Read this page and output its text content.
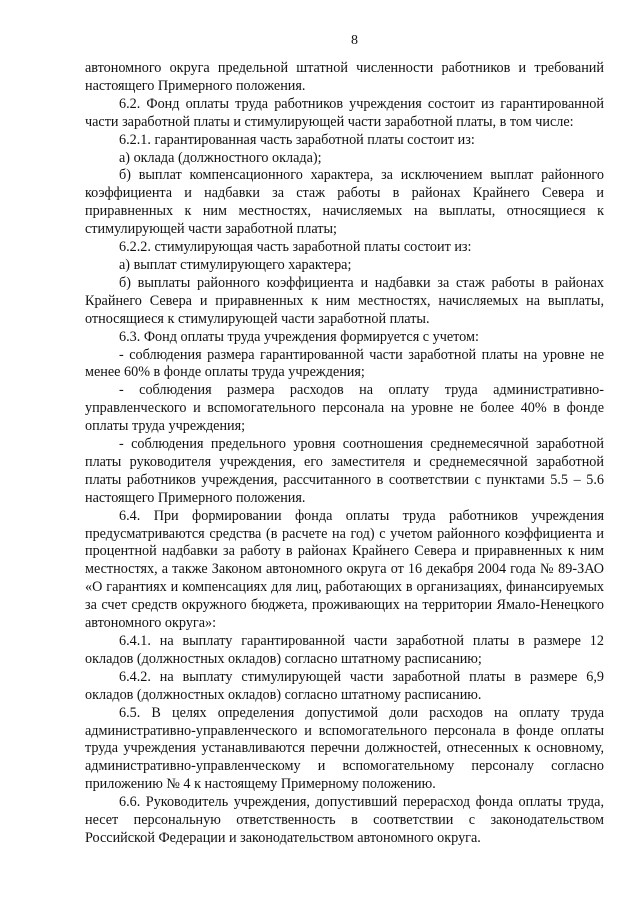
8

автономного округа предельной штатной численности работников и требований настоящего Примерного положения.

6.2. Фонд оплаты труда работников учреждения состоит из гарантированной части заработной платы и стимулирующей части заработной платы, в том числе:

6.2.1. гарантированная часть заработной платы состоит из:

а) оклада (должностного оклада);

б) выплат компенсационного характера, за исключением выплат районного коэффициента и надбавки за стаж работы в районах Крайнего Севера и приравненных к ним местностях, начисляемых на выплаты, относящиеся к стимулирующей части заработной платы;

6.2.2. стимулирующая часть заработной платы состоит из:

а) выплат стимулирующего характера;

б) выплаты районного коэффициента и надбавки за стаж работы в районах Крайнего Севера и приравненных к ним местностях, начисляемых на выплаты, относящиеся к стимулирующей части заработной платы.

6.3. Фонд оплаты труда учреждения формируется с учетом:

- соблюдения размера гарантированной части заработной платы на уровне не менее 60% в фонде оплаты труда учреждения;

- соблюдения размера расходов на оплату труда административно-управленческого и вспомогательного персонала на уровне не более 40% в фонде оплаты труда учреждения;

- соблюдения предельного уровня соотношения среднемесячной заработной платы руководителя учреждения, его заместителя и среднемесячной заработной платы работников учреждения, рассчитанного в соответствии с пунктами 5.5 – 5.6 настоящего Примерного положения.

6.4. При формировании фонда оплаты труда работников учреждения предусматриваются средства (в расчете на год) с учетом районного коэффициента и процентной надбавки за работу в районах Крайнего Севера и приравненных к ним местностях, а также Законом автономного округа от 16 декабря 2004 года № 89-ЗАО «О гарантиях и компенсациях для лиц, работающих в организациях, финансируемых за счет средств окружного бюджета, проживающих на территории Ямало-Ненецкого автономного округа»:

6.4.1. на выплату гарантированной части заработной платы в размере 12 окладов (должностных окладов) согласно штатному расписанию;

6.4.2. на выплату стимулирующей части заработной платы в размере 6,9 окладов (должностных окладов) согласно штатному расписанию.

6.5. В целях определения допустимой доли расходов на оплату труда административно-управленческого и вспомогательного персонала в фонде оплаты труда учреждения устанавливаются перечни должностей, отнесенных к основному, административно-управленческому и вспомогательному персоналу согласно приложению № 4 к настоящему Примерному положению.

6.6. Руководитель учреждения, допустивший перерасход фонда оплаты труда, несет персональную ответственность в соответствии с законодательством Российской Федерации и законодательством автономного округа.
